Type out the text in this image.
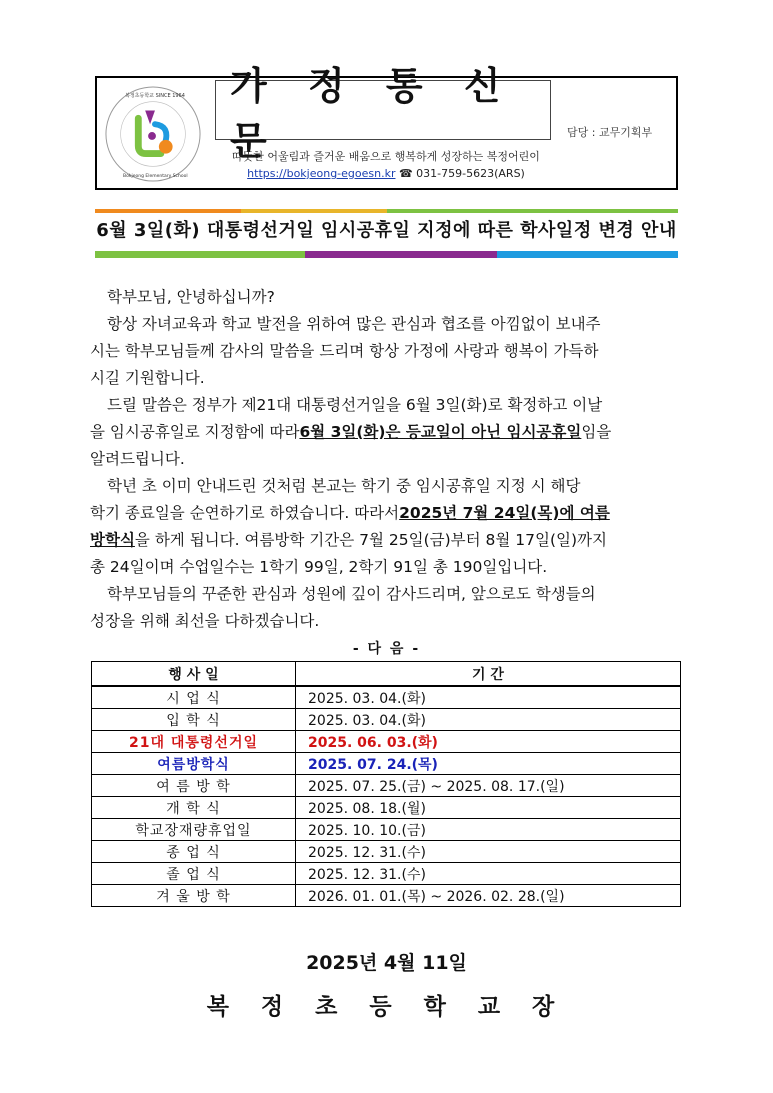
복정초등학교 SINCE 1964
Bokjeong Elementary School
가 정 통 신 문	담당 : 교무기획부
따뜻한 어울림과 즐거운 배움으로 행복하게 성장하는 복정어린이
https://bokjeong-egoesn.kr ☎ 031-759-5623(ARS)
6월 3일(화) 대통령선거일 임시공휴일 지정에 따른 학사일정 변경 안내
학부모님, 안녕하십니까?
항상 자녀교육과 학교 발전을 위하여 많은 관심과 협조를 아낌없이 보내주
시는 학부모님들께 감사의 말씀을 드리며 항상 가정에 사랑과 행복이 가득하
시길 기원합니다.
드릴 말씀은 정부가 제21대 대통령선거일을 6월 3일(화)로 확정하고 이날
을 임시공휴일로 지정함에 따라 6월 3일(화)은 등교일이 아닌 임시공휴일 임을
알려드립니다.
학년 초 이미 안내드린 것처럼 본교는 학기 중 임시공휴일 지정 시 해당
학기 종료일을 순연하기로 하였습니다. 따라서 2025년 7월 24일(목)에 여름
방학식 을 하게 됩니다. 여름방학 기간은 7월 25일(금)부터 8월 17일(일)까지
총 24일이며 수업일수는 1학기 99일, 2학기 91일 총 190일입니다.
학부모님들의 꾸준한 관심과 성원에 깊이 감사드리며, 앞으로도 학생들의
성장을 위해 최선을 다하겠습니다.
- 다 음 -
행 사 일	기 간
시 업 식	2025. 03. 04.(화)
입 학 식	2025. 03. 04.(화)
21대 대통령선거일	2025. 06. 03.(화)
여름방학식	2025. 07. 24.(목)
여 름 방 학	2025. 07. 25.(금) ~ 2025. 08. 17.(일)
개 학 식	2025. 08. 18.(월)
학교장재량휴업일	2025. 10. 10.(금)
종 업 식	2025. 12. 31.(수)
졸 업 식	2025. 12. 31.(수)
겨 울 방 학	2026. 01. 01.(목) ~ 2026. 02. 28.(일)
2025년 4월 11일
복 정 초 등 학 교 장
